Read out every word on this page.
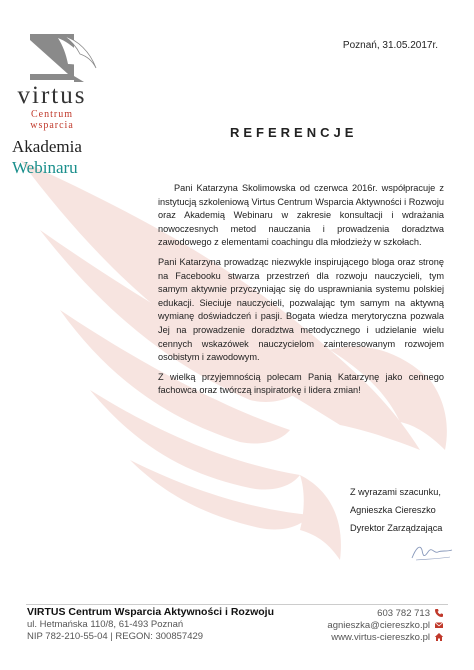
virtus
Centrum wsparcia
Akademia
Webinaru
Poznań, 31.05.2017r.
REFERENCJE

Pani Katarzyna Skolimowska od czerwca 2016r. współpracuje z instytucją szkoleniową Virtus Centrum Wsparcia Aktywności i Rozwoju oraz Akademią Webinaru w zakresie konsultacji i wdrażania nowoczesnych metod nauczania i prowadzenia doradztwa zawodowego z elementami coachingu dla młodzieży w szkołach.

Pani Katarzyna prowadząc niezwykle inspirującego bloga oraz stronę na Facebooku stwarza przestrzeń dla rozwoju nauczycieli, tym samym aktywnie przyczyniając się do usprawniania systemu polskiej edukacji. Sieciuje nauczycieli, pozwalając tym samym na aktywną wymianę doświadczeń i pasji. Bogata wiedza merytoryczna pozwala Jej na prowadzenie doradztwa metodycznego i udzielanie wielu cennych wskazówek nauczycielom zainteresowanym rozwojem osobistym i zawodowym.

Z wielką przyjemnością polecam Panią Katarzynę jako cennego fachowca oraz twórczą inspiratorkę i lidera zmian!

Z wyrazami szacunku,
Agnieszka Ciereszko
Dyrektor Zarządzająca
VIRTUS Centrum Wsparcia Aktywności i Rozwoju
ul. Hetmańska 110/8, 61-493 Poznań
NIP 782-210-55-04 | REGON: 300857429
603 782 713
agnieszka@ciereszko.pl
www.virtus-ciereszko.pl
